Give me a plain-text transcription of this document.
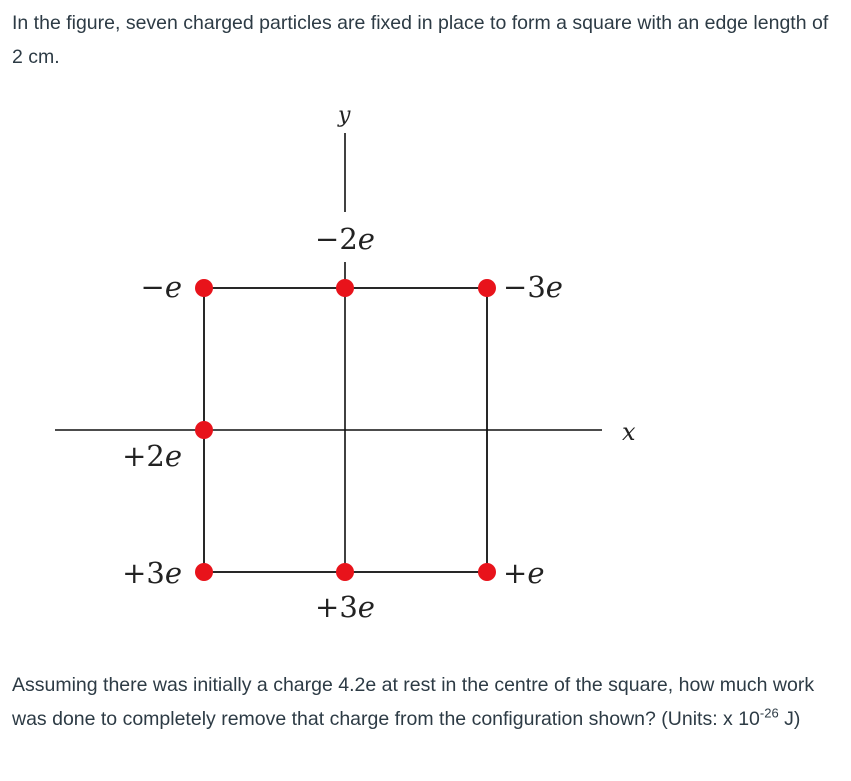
In the figure, seven charged particles are fixed in place to form a square with an edge length of 2 cm.

y
x
−e
−2e
−3e
+2e
+3e
+3e
+e

Assuming there was initially a charge 4.2e at rest in the centre of the square, how much work was done to completely remove that charge from the configuration shown? (Units: x $10^{-26}$ J)
